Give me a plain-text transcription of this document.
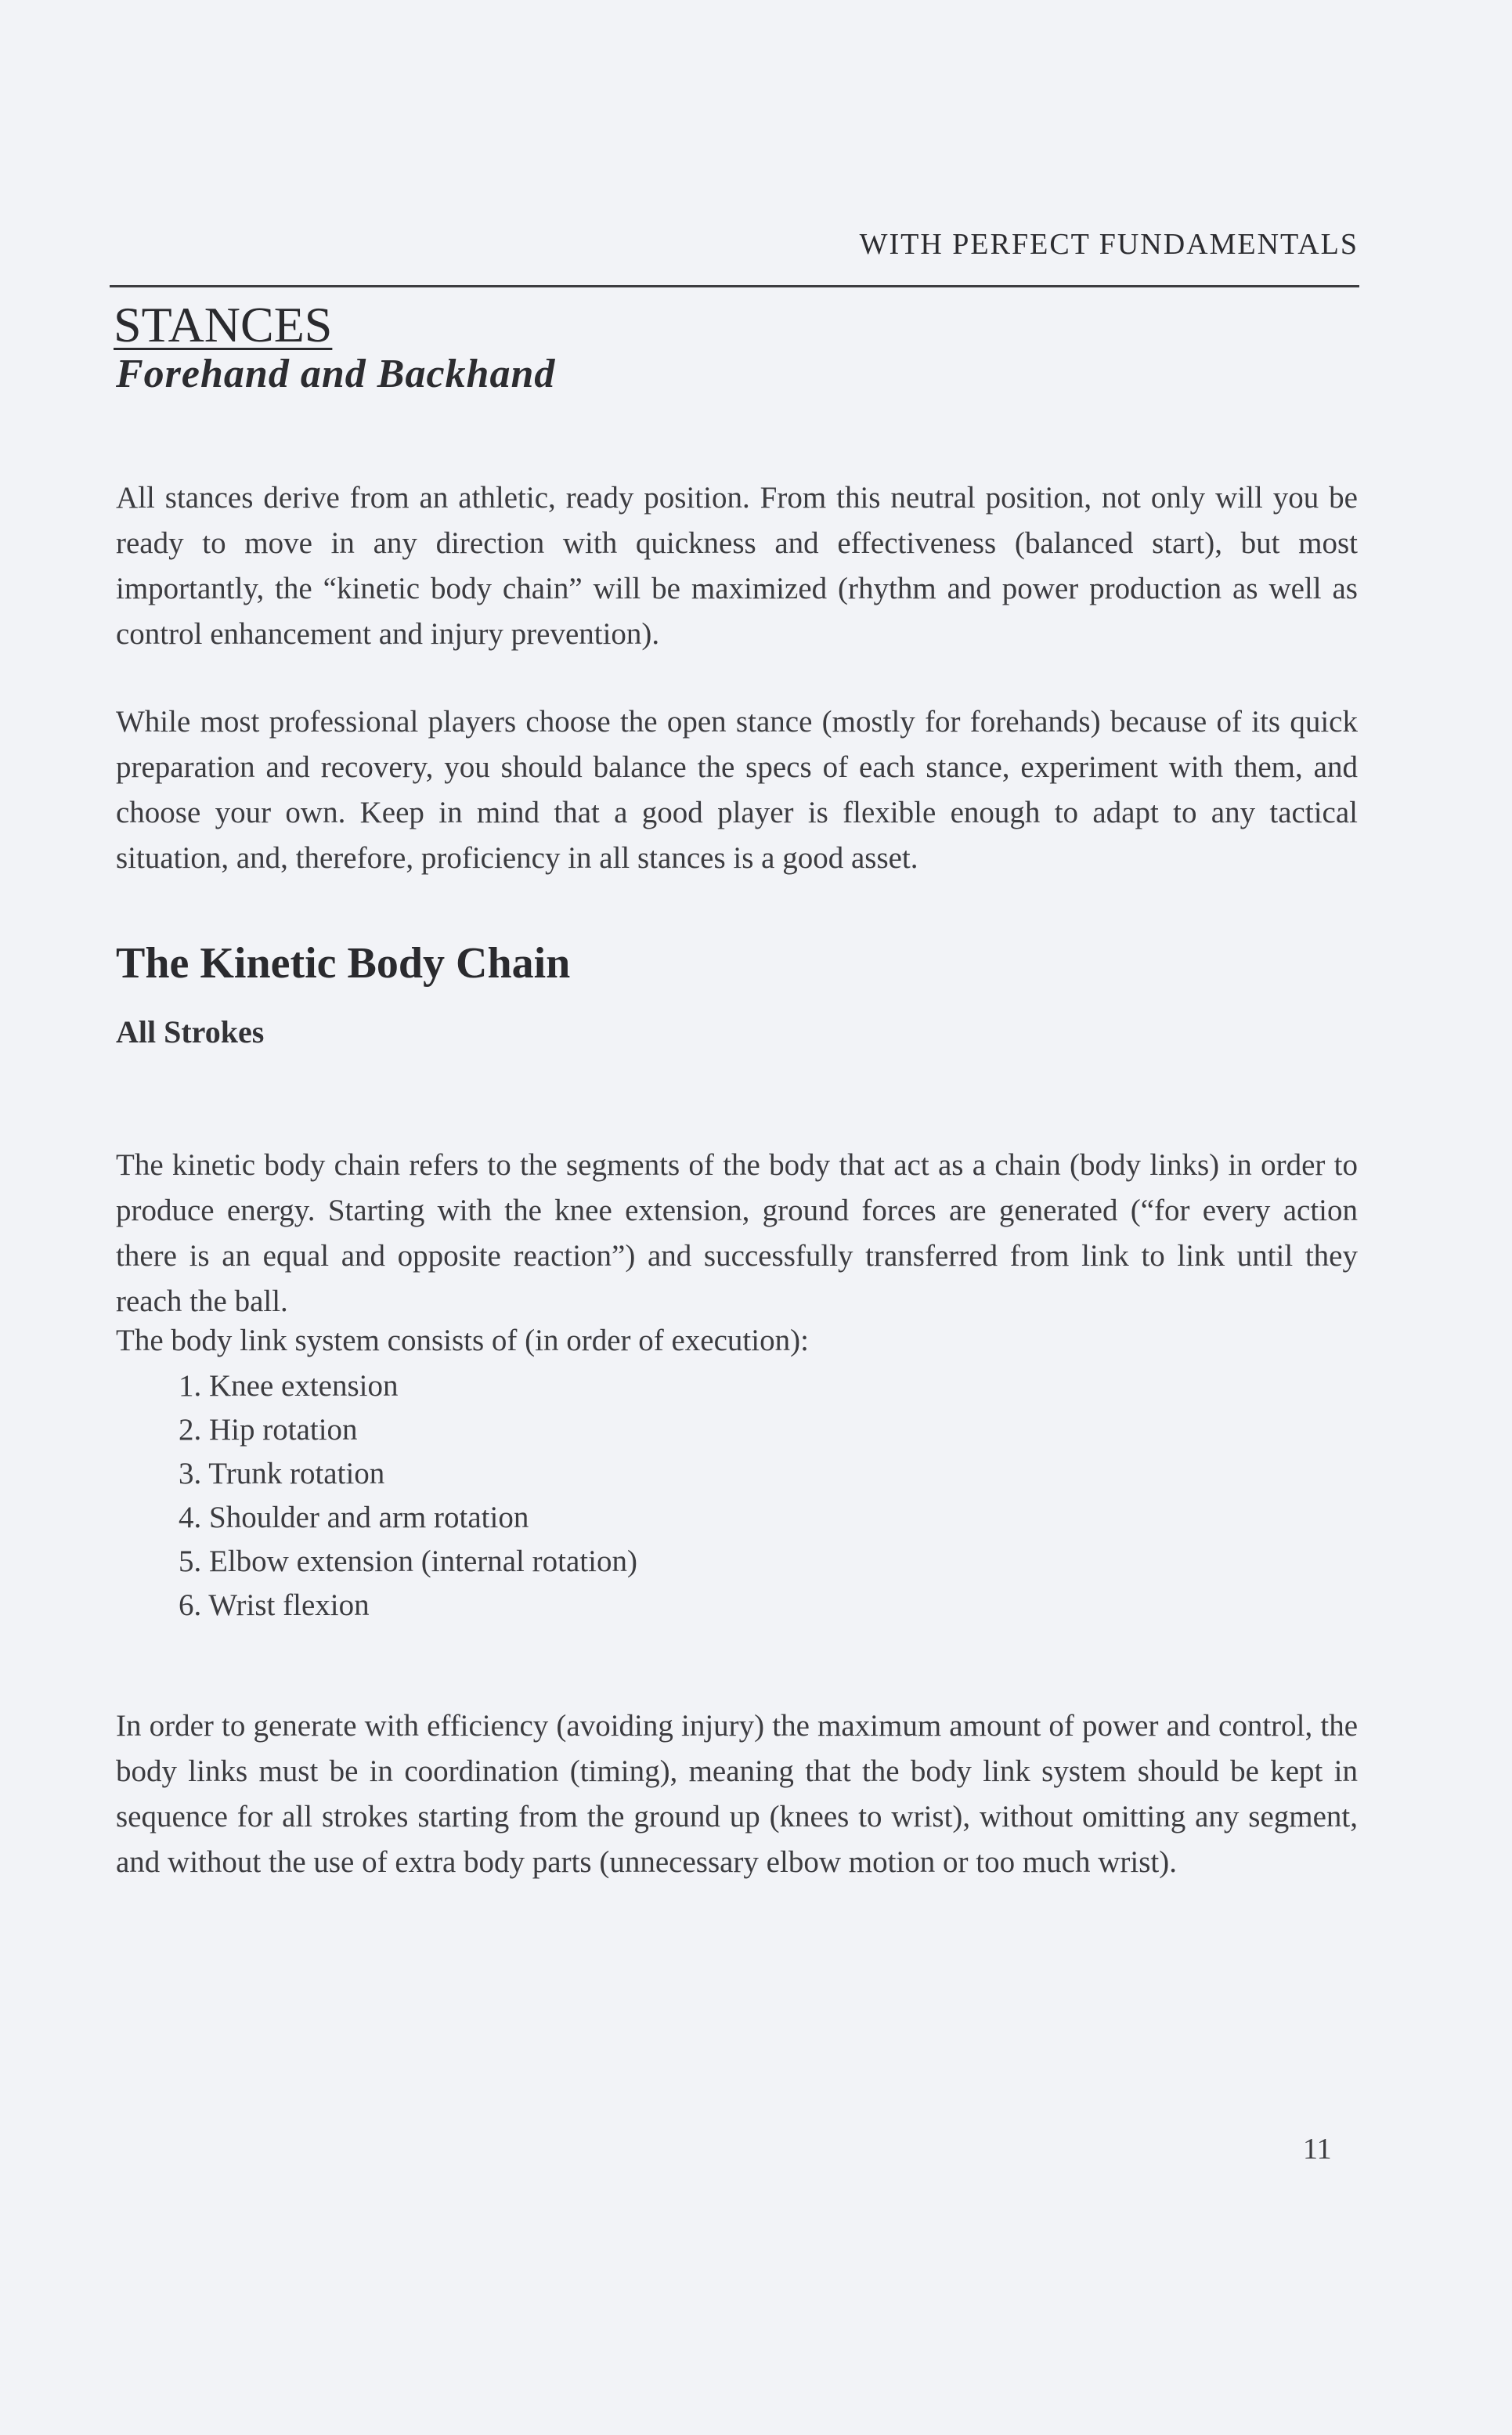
WITH PERFECT FUNDAMENTALS
STANCES
Forehand and Backhand

All stances derive from an athletic, ready position. From this neutral position, not only will you be ready to move in any direction with quickness and effectiveness (balanced start), but most importantly, the “kinetic body chain” will be maximized (rhythm and power production as well as control enhancement and injury prevention).

While most professional players choose the open stance (mostly for forehands) because of its quick preparation and recovery, you should balance the specs of each stance, experiment with them, and choose your own. Keep in mind that a good player is flexible enough to adapt to any tactical situation, and, therefore, proficiency in all stances is a good asset.

The Kinetic Body Chain
All Strokes

The kinetic body chain refers to the segments of the body that act as a chain (body links) in order to produce energy. Starting with the knee extension, ground forces are generated (“for every action there is an equal and opposite reaction”) and successfully transferred from link to link until they reach the ball.

The body link system consists of (in order of execution):
1. Knee extension
2. Hip rotation
3. Trunk rotation
4. Shoulder and arm rotation
5. Elbow extension (internal rotation)
6. Wrist flexion

In order to generate with efficiency (avoiding injury) the maximum amount of power and control, the body links must be in coordination (timing), meaning that the body link system should be kept in sequence for all strokes starting from the ground up (knees to wrist), without omitting any segment, and without the use of extra body parts (unnecessary elbow motion or too much wrist).

11
